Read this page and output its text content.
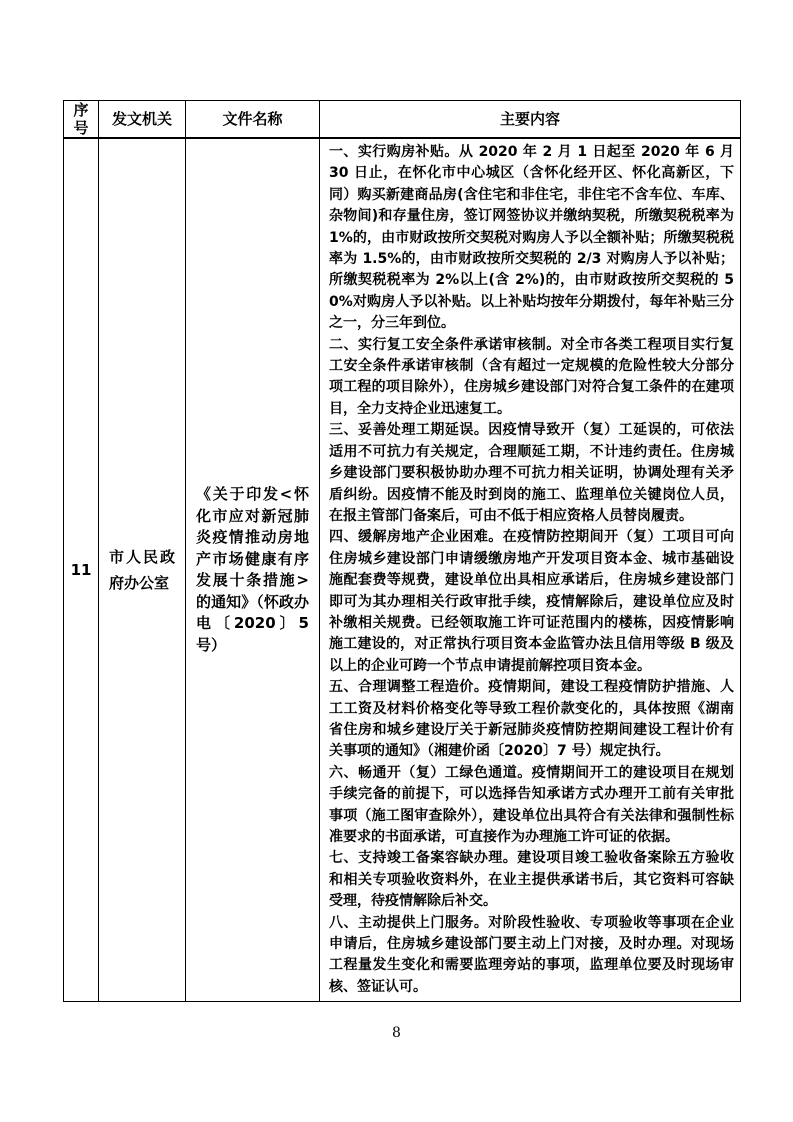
序号 发文机关	文件名称	主要内容
11
市人民政府办公室
《关于印发<怀化市应对新冠肺炎疫情推动房地产市场健康有序发展十条措施>的通知》（怀政办电〔2020〕5 号）

一、实行购房补贴。从 2020 年 2 月 1 日起至 2020 年 6 月 30 日止，在怀化市中心城区（含怀化经开区、怀化高新区，下同）购买新建商品房(含住宅和非住宅，非住宅不含车位、车库、杂物间)和存量住房，签订网签协议并缴纳契税，所缴契税税率为 1%的，由市财政按所交契税对购房人予以全额补贴；所缴契税税率为 1.5%的，由市财政按所交契税的 2/3 对购房人予以补贴；所缴契税税率为 2%以上(含 2%)的，由市财政按所交契税的 50%对购房人予以补贴。以上补贴均按年分期拨付，每年补贴三分之一，分三年到位。

二、实行复工安全条件承诺审核制。对全市各类工程项目实行复工安全条件承诺审核制（含有超过一定规模的危险性较大分部分项工程的项目除外），住房城乡建设部门对符合复工条件的在建项目，全力支持企业迅速复工。

三、妥善处理工期延误。因疫情导致开（复）工延误的，可依法适用不可抗力有关规定，合理顺延工期，不计违约责任。住房城乡建设部门要积极协助办理不可抗力相关证明，协调处理有关矛盾纠纷。因疫情不能及时到岗的施工、监理单位关键岗位人员，在报主管部门备案后，可由不低于相应资格人员替岗履责。

四、缓解房地产企业困难。在疫情防控期间开（复）工项目可向住房城乡建设部门申请缓缴房地产开发项目资本金、城市基础设施配套费等规费，建设单位出具相应承诺后，住房城乡建设部门即可为其办理相关行政审批手续，疫情解除后，建设单位应及时补缴相关规费。已经领取施工许可证范围内的楼栋，因疫情影响施工建设的，对正常执行项目资本金监管办法且信用等级 B 级及以上的企业可跨一个节点申请提前解控项目资本金。

五、合理调整工程造价。疫情期间，建设工程疫情防护措施、人工工资及材料价格变化等导致工程价款变化的，具体按照《湖南省住房和城乡建设厅关于新冠肺炎疫情防控期间建设工程计价有关事项的通知》（湘建价函〔2020〕7 号）规定执行。

六、畅通开（复）工绿色通道。疫情期间开工的建设项目在规划手续完备的前提下，可以选择告知承诺方式办理开工前有关审批事项（施工图审查除外），建设单位出具符合有关法律和强制性标准要求的书面承诺，可直接作为办理施工许可证的依据。

七、支持竣工备案容缺办理。建设项目竣工验收备案除五方验收和相关专项验收资料外，在业主提供承诺书后，其它资料可容缺受理，待疫情解除后补交。

八、主动提供上门服务。对阶段性验收、专项验收等事项在企业申请后，住房城乡建设部门要主动上门对接，及时办理。对现场工程量发生变化和需要监理旁站的事项，监理单位要及时现场审核、签证认可。

8
